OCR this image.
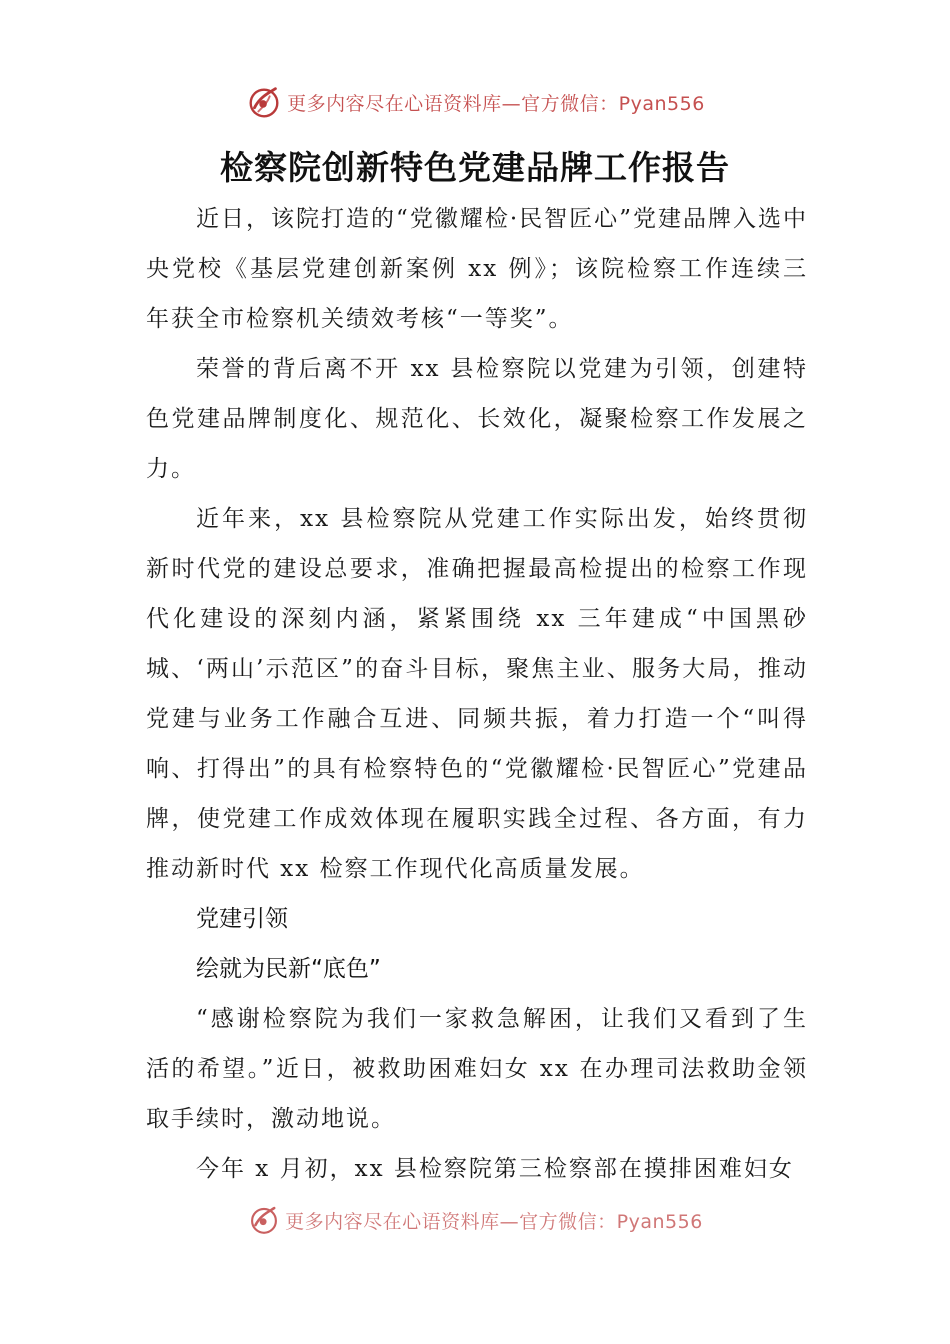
更多内容尽在心语资料库—官方微信：Pyan556
检察院创新特色党建品牌工作报告

近日，该院打造的“党徽耀检·民智匠心”党建品牌入选中央党校《基层党建创新案例 xx 例》；该院检察工作连续三年获全市检察机关绩效考核“一等奖”。

荣誉的背后离不开 xx 县检察院以党建为引领，创建特色党建品牌制度化、规范化、长效化，凝聚检察工作发展之力。

近年来，xx 县检察院从党建工作实际出发，始终贯彻新时代党的建设总要求，准确把握最高检提出的检察工作现代化建设的深刻内涵，紧紧围绕 xx 三年建成“中国黑砂城、‘两山’示范区”的奋斗目标，聚焦主业、服务大局，推动党建与业务工作融合互进、同频共振，着力打造一个“叫得响、打得出”的具有检察特色的“党徽耀检·民智匠心”党建品牌，使党建工作成效体现在履职实践全过程、各方面，有力推动新时代 xx 检察工作现代化高质量发展。

党建引领

绘就为民新“底色”

“感谢检察院为我们一家救急解困，让我们又看到了生活的希望。”近日，被救助困难妇女 xx 在办理司法救助金领取手续时，激动地说。

今年 x 月初，xx 县检察院第三检察部在摸排困难妇女

更多内容尽在心语资料库—官方微信：Pyan556
